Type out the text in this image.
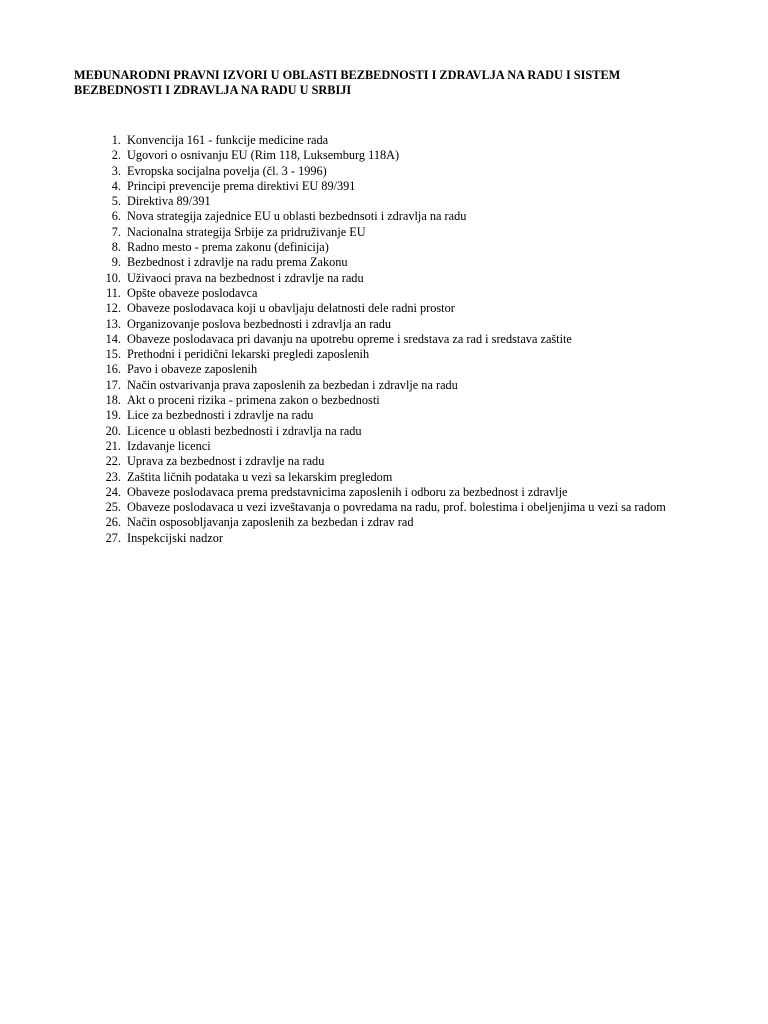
MEĐUNARODNI PRAVNI IZVORI U OBLASTI BEZBEDNOSTI I ZDRAVLJA NA RADU I SISTEM
BEZBEDNOSTI I ZDRAVLJA NA RADU U SRBIJI
1. Konvencija 161 - funkcije medicine rada
2. Ugovori o osnivanju EU (Rim 118, Luksemburg 118A)
3. Evropska socijalna povelja (čl. 3 - 1996)
4. Principi prevencije prema direktivi EU 89/391
5. Direktiva 89/391
6. Nova strategija zajednice EU u oblasti bezbednsoti i zdravlja na radu
7. Nacionalna strategija Srbije za pridruživanje EU
8. Radno mesto - prema zakonu (definicija)
9. Bezbednost i zdravlje na radu prema Zakonu
10. Uživaoci prava na bezbednost i zdravlje na radu
11. Opšte obaveze poslodavca
12. Obaveze poslodavaca koji u obavljaju delatnosti dele radni prostor
13. Organizovanje poslova bezbednosti i zdravlja an radu
14. Obaveze poslodavaca pri davanju na upotrebu opreme i sredstava za rad i sredstava zaštite
15. Prethodni i peridični lekarski pregledi zaposlenih
16. Pavo i obaveze zaposlenih
17. Način ostvarivanja prava zaposlenih za bezbedan i zdravlje na radu
18. Akt o proceni rizika - primena zakon o bezbednosti
19. Lice za bezbednosti i zdravlje na radu
20. Licence u oblasti bezbednosti i zdravlja na radu
21. Izdavanje licenci
22. Uprava za bezbednost i zdravlje na radu
23. Zaštita ličnih podataka u vezi sa lekarskim pregledom
24. Obaveze poslodavaca prema predstavnicima zaposlenih i odboru za bezbednost i zdravlje
25. Obaveze poslodavaca u vezi izveštavanja o povredama na radu, prof. bolestima i obeljenjima u vezi sa radom
26. Način osposobljavanja zaposlenih za bezbedan i zdrav rad
27. Inspekcijski nadzor
